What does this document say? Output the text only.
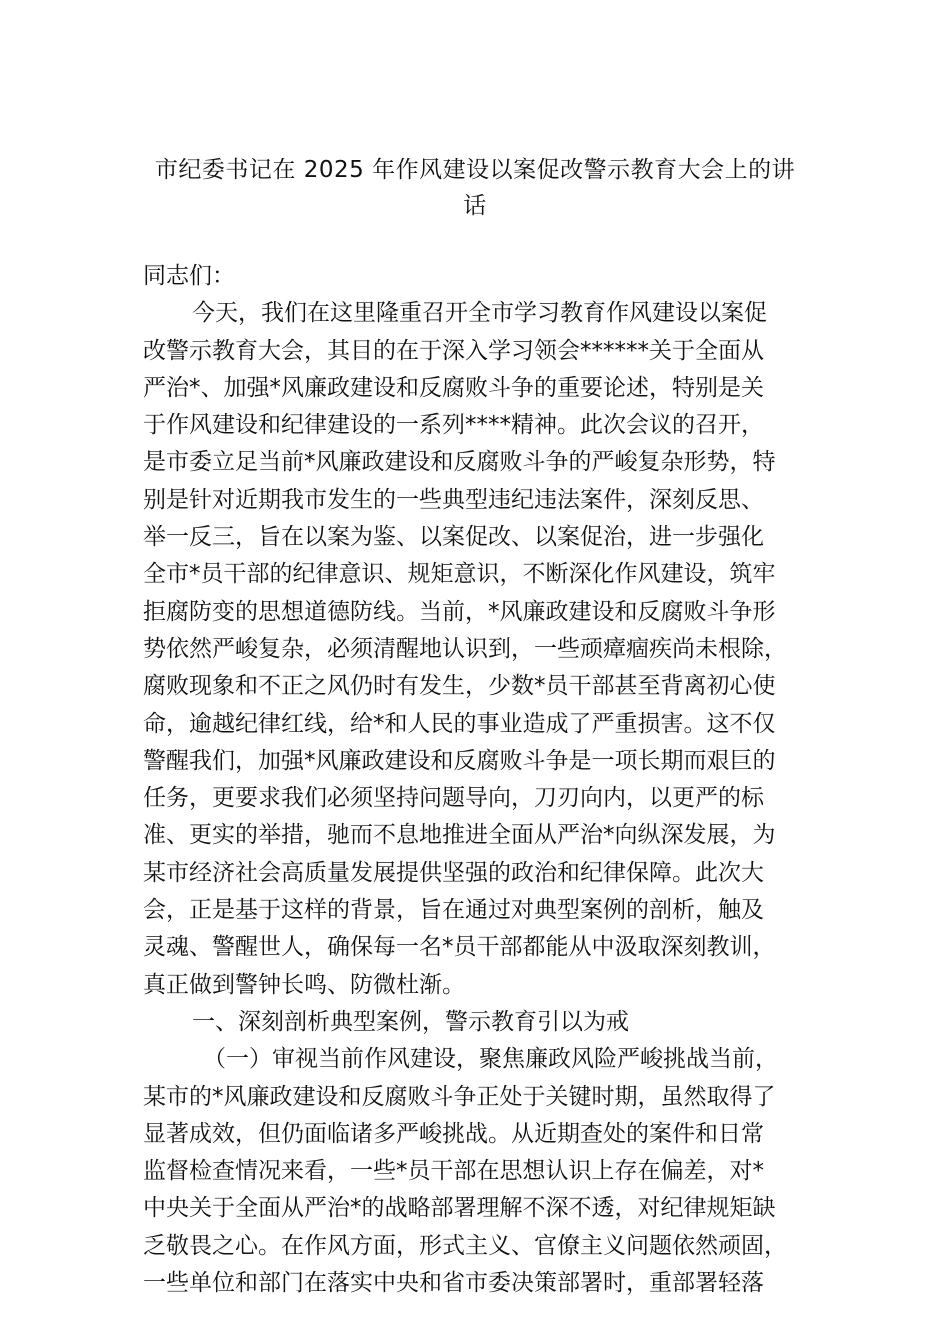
市纪委书记在 2025 年作风建设以案促改警示教育大会上的讲
话
同志们：
今天，我们在这里隆重召开全市学习教育作风建设以案促
改警示教育大会，其目的在于深入学习领会******关于全面从
严治*、加强*风廉政建设和反腐败斗争的重要论述，特别是关
于作风建设和纪律建设的一系列****精神。此次会议的召开，
是市委立足当前*风廉政建设和反腐败斗争的严峻复杂形势，特
别是针对近期我市发生的一些典型违纪违法案件，深刻反思、
举一反三，旨在以案为鉴、以案促改、以案促治，进一步强化
全市*员干部的纪律意识、规矩意识，不断深化作风建设，筑牢
拒腐防变的思想道德防线。当前，*风廉政建设和反腐败斗争形
势依然严峻复杂，必须清醒地认识到，一些顽瘴痼疾尚未根除，
腐败现象和不正之风仍时有发生，少数*员干部甚至背离初心使
命，逾越纪律红线，给*和人民的事业造成了严重损害。这不仅
警醒我们，加强*风廉政建设和反腐败斗争是一项长期而艰巨的
任务，更要求我们必须坚持问题导向，刀刃向内，以更严的标
准、更实的举措，驰而不息地推进全面从严治*向纵深发展，为
某市经济社会高质量发展提供坚强的政治和纪律保障。此次大
会，正是基于这样的背景，旨在通过对典型案例的剖析，触及
灵魂、警醒世人，确保每一名*员干部都能从中汲取深刻教训，
真正做到警钟长鸣、防微杜渐。
一、深刻剖析典型案例，警示教育引以为戒
（一）审视当前作风建设，聚焦廉政风险严峻挑战当前，
某市的*风廉政建设和反腐败斗争正处于关键时期，虽然取得了
显著成效，但仍面临诸多严峻挑战。从近期查处的案件和日常
监督检查情况来看，一些*员干部在思想认识上存在偏差，对*
中央关于全面从严治*的战略部署理解不深不透，对纪律规矩缺
乏敬畏之心。在作风方面，形式主义、官僚主义问题依然顽固，
一些单位和部门在落实中央和省市委决策部署时，重部署轻落
